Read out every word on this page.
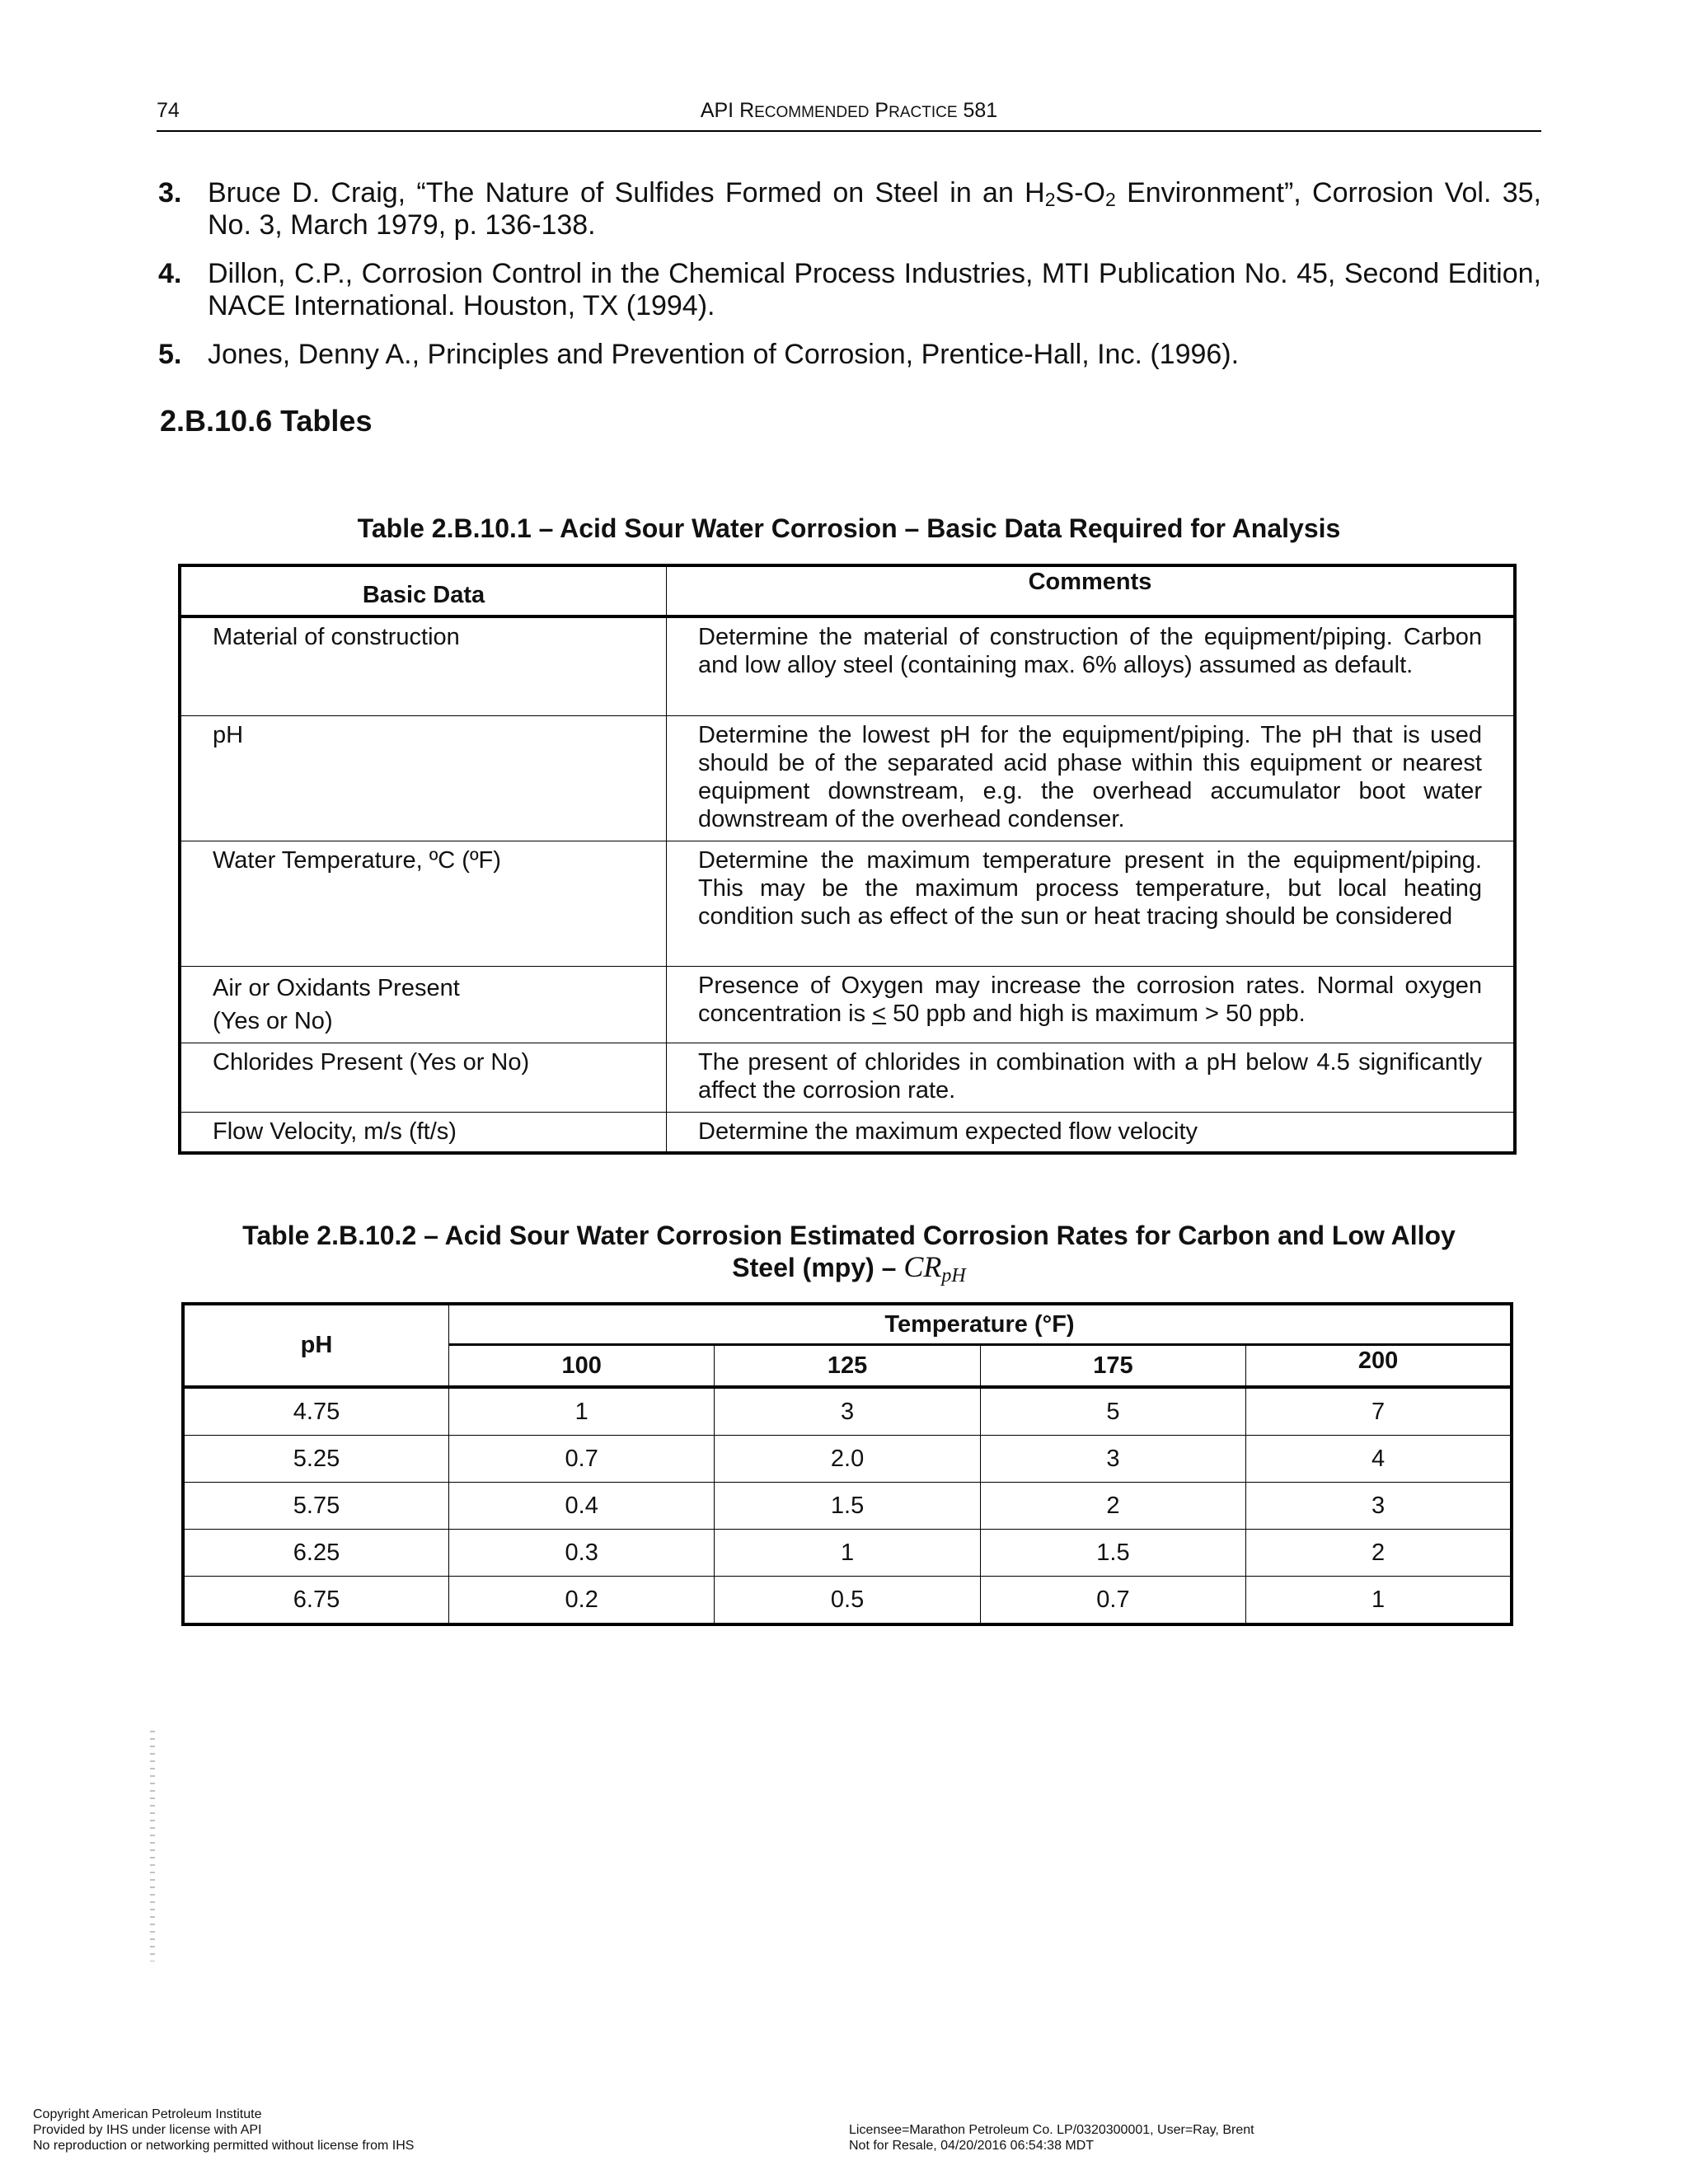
74	API RECOMMENDED PRACTICE 581
3. Bruce D. Craig, “The Nature of Sulfides Formed on Steel in an $H_2S-O_2$ Environment”, Corrosion Vol. 35, No. 3, March 1979, p. 136-138.
4. Dillon, C.P., Corrosion Control in the Chemical Process Industries, MTI Publication No. 45, Second Edition, NACE International. Houston, TX (1994).
5. Jones, Denny A., Principles and Prevention of Corrosion, Prentice-Hall, Inc. (1996).
2.B.10.6 Tables
Table 2.B.10.1 – Acid Sour Water Corrosion – Basic Data Required for Analysis
Basic Data	Comments
Material of construction	Determine the material of construction of the equipment/piping. Carbon and low alloy steel (containing max. 6% alloys) assumed as default.
pH	Determine the lowest pH for the equipment/piping. The pH that is used should be of the separated acid phase within this equipment or nearest equipment downstream, e.g. the overhead accumulator boot water downstream of the overhead condenser.
Water Temperature, ºC (ºF)	Determine the maximum temperature present in the equipment/piping. This may be the maximum process temperature, but local heating condition such as effect of the sun or heat tracing should be considered

Air or Oxidants Present
(Yes or No)	Presence of Oxygen may increase the corrosion rates. Normal oxygen concentration is < 50 ppb and high is maximum > 50 ppb.
Chlorides Present (Yes or No)	The present of chlorides in combination with a pH below 4.5 significantly affect the corrosion rate.
Flow Velocity, m/s (ft/s)	Determine the maximum expected flow velocity
Table 2.B.10.2 – Acid Sour Water Corrosion Estimated Corrosion Rates for Carbon and Low Alloy
Steel $(mpy) - CR_{pH}$
pH	Temperature (°F)			
	100	125	175	200
4.75	1	3	5	7
5.25	0.7	2.0	3	4
5.75	0.4	1.5	2	3
6.25	0.3	1	1.5	2
6.75	0.2	0.5	0.7	1
Copyright American Petroleum Institute
Provided by IHS under license with API
No reproduction or networking permitted without license from IHS
Licensee=Marathon Petroleum Co. LP/0320300001, User=Ray, Brent
Not for Resale, 04/20/2016 06:54:38 MDT
